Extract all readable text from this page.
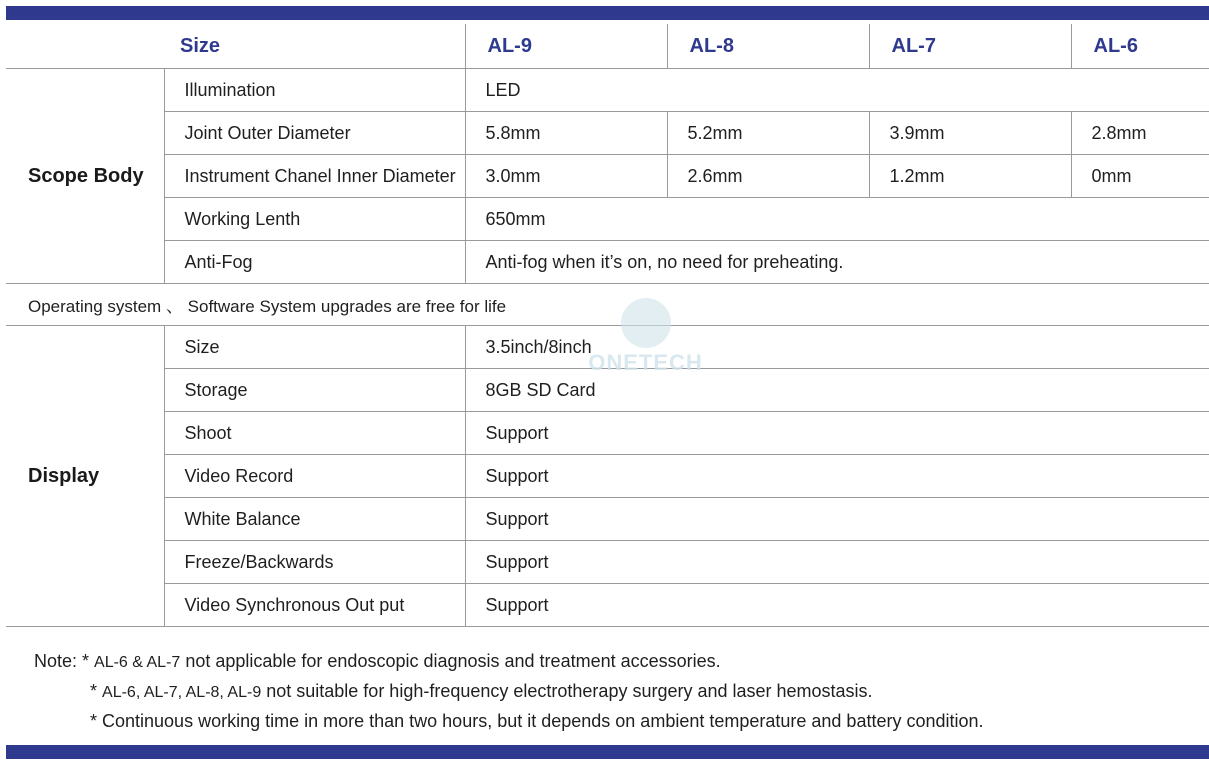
Size		AL-9	AL-8	AL-7	AL-6
Scope Body	Illumination	LED			
	Joint Outer Diameter	5.8mm	5.2mm	3.9mm	2.8mm
	Instrument Chanel Inner Diameter	3.0mm	2.6mm	1.2mm	0mm
	Working Lenth	650mm			
	Anti-Fog	Anti-fog when it’s on, no need for preheating.			
Operating system 、 Software System upgrades are free for life					
Display	Size	3.5inch/8inch			
	Storage	8GB SD Card			
	Shoot	Support			
	Video Record	Support			
	White Balance	Support			
	Freeze/Backwards	Support			
	Video Synchronous Out put	Support			
ONETECH
Note: * AL-6 & AL-7 not applicable for endoscopic diagnosis and treatment accessories.
* AL-6, AL-7, AL-8, AL-9 not suitable for high-frequency electrotherapy surgery and laser hemostasis.
* Continuous working time in more than two hours, but it depends on ambient temperature and battery condition.
